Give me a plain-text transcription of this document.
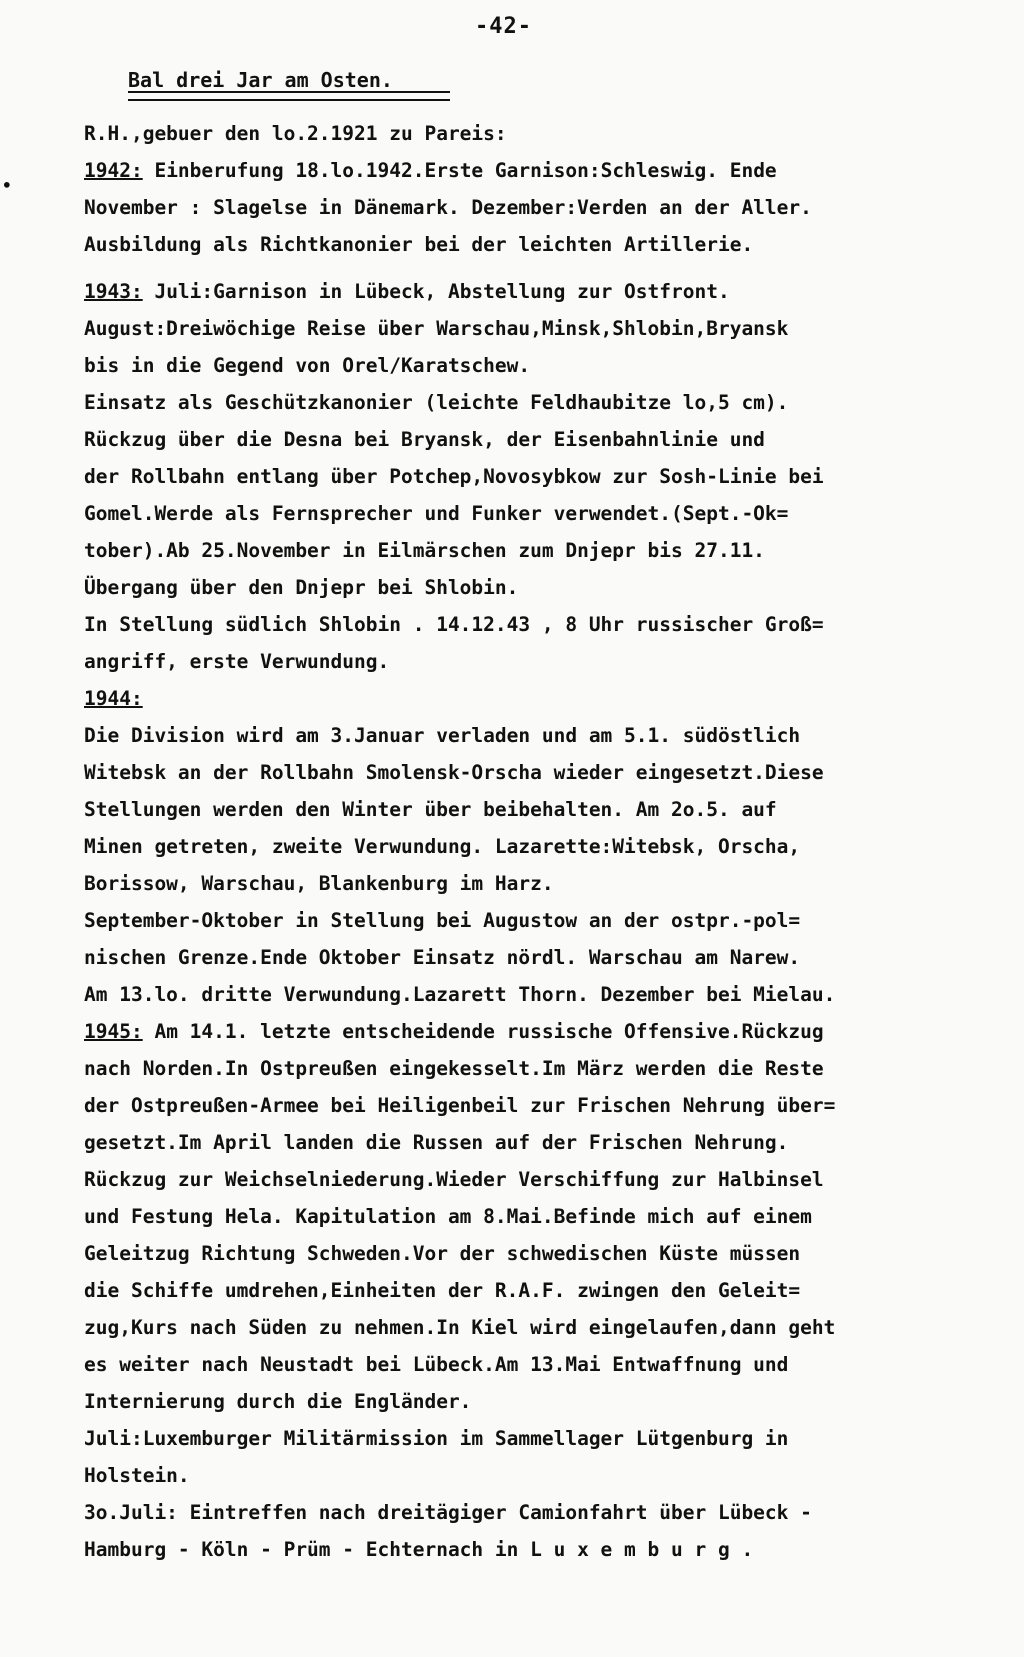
•
-42-
Bal drei Jar am Osten.
R.H.,gebuer den lo.2.1921 zu Pareis:
1942: Einberufung 18.lo.1942.Erste Garnison:Schleswig. Ende
November : Slagelse in Dänemark. Dezember:Verden an der Aller.
Ausbildung als Richtkanonier bei der leichten Artillerie.
1943: Juli:Garnison in Lübeck, Abstellung zur Ostfront.
August:Dreiwöchige Reise über Warschau,Minsk,Shlobin,Bryansk
bis in die Gegend von Orel/Karatschew.
Einsatz als Geschützkanonier (leichte Feldhaubitze lo,5 cm).
Rückzug über die Desna bei Bryansk, der Eisenbahnlinie und
der Rollbahn entlang über Potchep,Novosybkow zur Sosh-Linie bei
Gomel.Werde als Fernsprecher und Funker verwendet.(Sept.-Ok=
tober).Ab 25.November in Eilmärschen zum Dnjepr bis 27.11.
Übergang über den Dnjepr bei Shlobin.
In Stellung südlich Shlobin . 14.12.43 , 8 Uhr russischer Groß=
angriff, erste Verwundung.
1944:
Die Division wird am 3.Januar verladen und am 5.1. südöstlich
Witebsk an der Rollbahn Smolensk-Orscha wieder eingesetzt.Diese
Stellungen werden den Winter über beibehalten. Am 2o.5. auf
Minen getreten, zweite Verwundung. Lazarette:Witebsk, Orscha,
Borissow, Warschau, Blankenburg im Harz.
September-Oktober in Stellung bei Augustow an der ostpr.-pol=
nischen Grenze.Ende Oktober Einsatz nördl. Warschau am Narew.
Am 13.lo. dritte Verwundung.Lazarett Thorn. Dezember bei Mielau.
1945: Am 14.1. letzte entscheidende russische Offensive.Rückzug
nach Norden.In Ostpreußen eingekesselt.Im März werden die Reste
der Ostpreußen-Armee bei Heiligenbeil zur Frischen Nehrung über=
gesetzt.Im April landen die Russen auf der Frischen Nehrung.
Rückzug zur Weichselniederung.Wieder Verschiffung zur Halbinsel
und Festung Hela. Kapitulation am 8.Mai.Befinde mich auf einem
Geleitzug Richtung Schweden.Vor der schwedischen Küste müssen
die Schiffe umdrehen,Einheiten der R.A.F. zwingen den Geleit=
zug,Kurs nach Süden zu nehmen.In Kiel wird eingelaufen,dann geht
es weiter nach Neustadt bei Lübeck.Am 13.Mai Entwaffnung und
Internierung durch die Engländer.
Juli:Luxemburger Militärmission im Sammellager Lütgenburg in
Holstein.
3o.Juli: Eintreffen nach dreitägiger Camionfahrt über Lübeck -
Hamburg - Köln - Prüm - Echternach in L u x e m b u r g .
